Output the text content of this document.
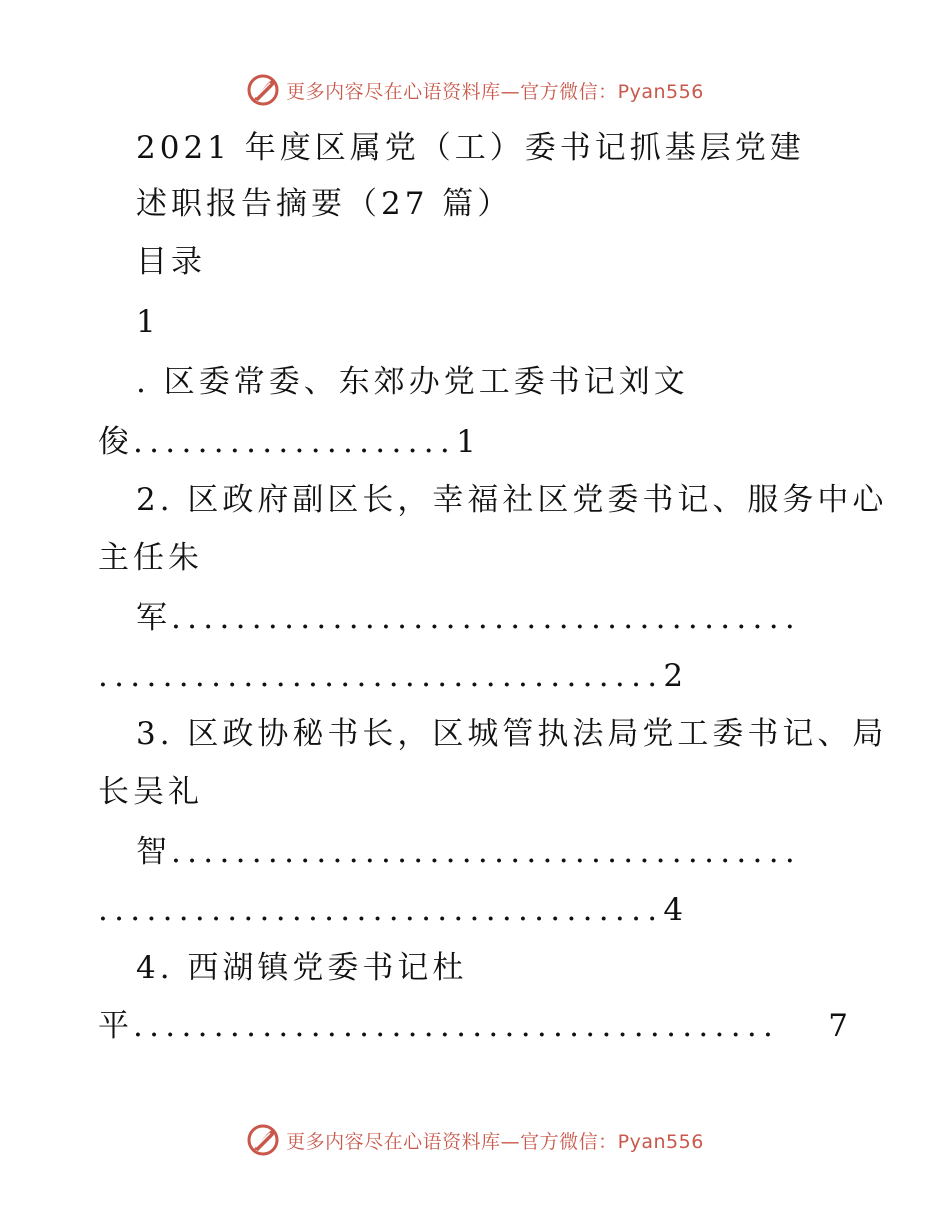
更多内容尽在心语资料库—官方微信：Pyan556
2021 年度区属党（工）委书记抓基层党建
述职报告摘要（27 篇）
目录
1
. 区委常委、东郊办党工委书记刘文
俊 .................... 1
2. 区政府副区长，幸福社区党委书记、服务中心
主任朱
军 .......................................
................................... 2
3. 区政协秘书长，区城管执法局党工委书记、局
长吴礼
智 .......................................
................................... 4
4. 西湖镇党委书记杜
平 ........................................	7
更多内容尽在心语资料库—官方微信：Pyan556
